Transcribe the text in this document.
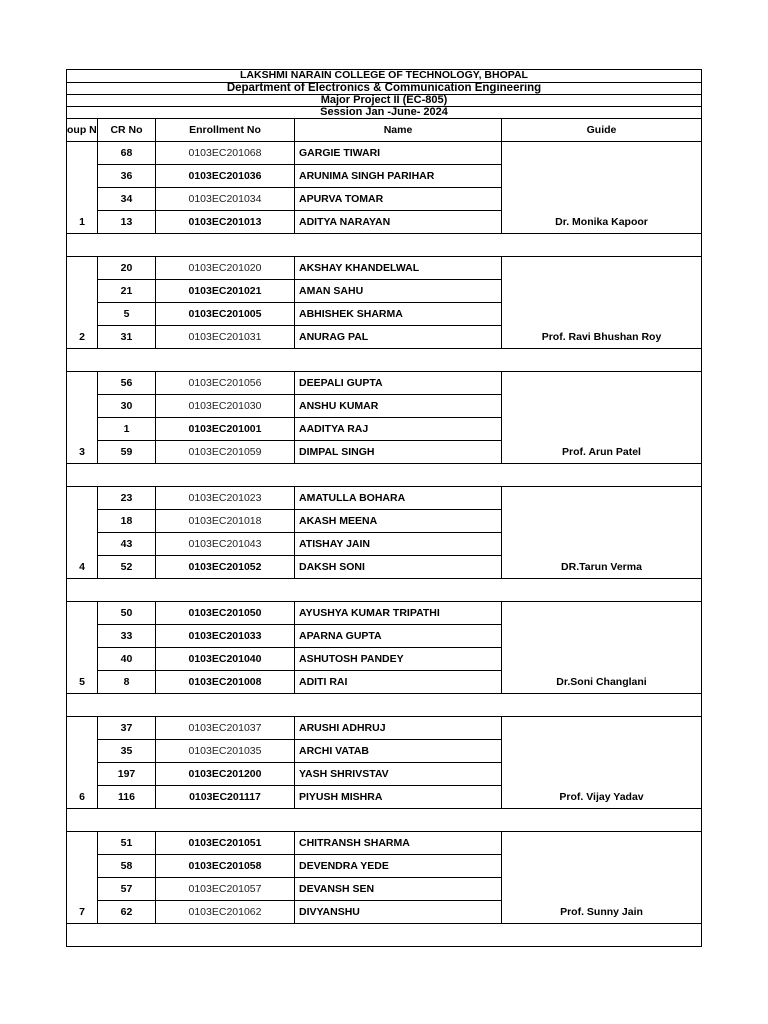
LAKSHMI NARAIN COLLEGE OF TECHNOLOGY, BHOPAL
Department of Electronics & Communication Engineering
Major Project II (EC-805)
Session Jan -June- 2024
oup N	CR No	Enrollment No	Name	Guide
	68	0103EC201068	GARGIE TIWARI	
	36	0103EC201036	ARUNIMA SINGH PARIHAR	
	34	0103EC201034	APURVA TOMAR	
1	13	0103EC201013	ADITYA NARAYAN	Dr. Monika Kapoor

	20	0103EC201020	AKSHAY KHANDELWAL	
	21	0103EC201021	AMAN SAHU	
	5	0103EC201005	ABHISHEK SHARMA	
2	31	0103EC201031	ANURAG PAL	Prof. Ravi Bhushan Roy

	56	0103EC201056	DEEPALI GUPTA	
	30	0103EC201030	ANSHU KUMAR	
	1	0103EC201001	AADITYA RAJ	
3	59	0103EC201059	DIMPAL SINGH	Prof. Arun Patel

	23	0103EC201023	AMATULLA BOHARA	
	18	0103EC201018	AKASH MEENA	
	43	0103EC201043	ATISHAY JAIN	
4	52	0103EC201052	DAKSH SONI	DR.Tarun Verma

	50	0103EC201050	AYUSHYA KUMAR TRIPATHI	
	33	0103EC201033	APARNA GUPTA	
	40	0103EC201040	ASHUTOSH PANDEY	
5	8	0103EC201008	ADITI RAI	Dr.Soni Changlani

	37	0103EC201037	ARUSHI ADHRUJ	
	35	0103EC201035	ARCHI VATAB	
	197	0103EC201200	YASH SHRIVSTAV	
6	116	0103EC201117	PIYUSH MISHRA	Prof. Vijay Yadav

	51	0103EC201051	CHITRANSH SHARMA	
	58	0103EC201058	DEVENDRA YEDE	
	57	0103EC201057	DEVANSH SEN	
7	62	0103EC201062	DIVYANSHU	Prof. Sunny Jain
